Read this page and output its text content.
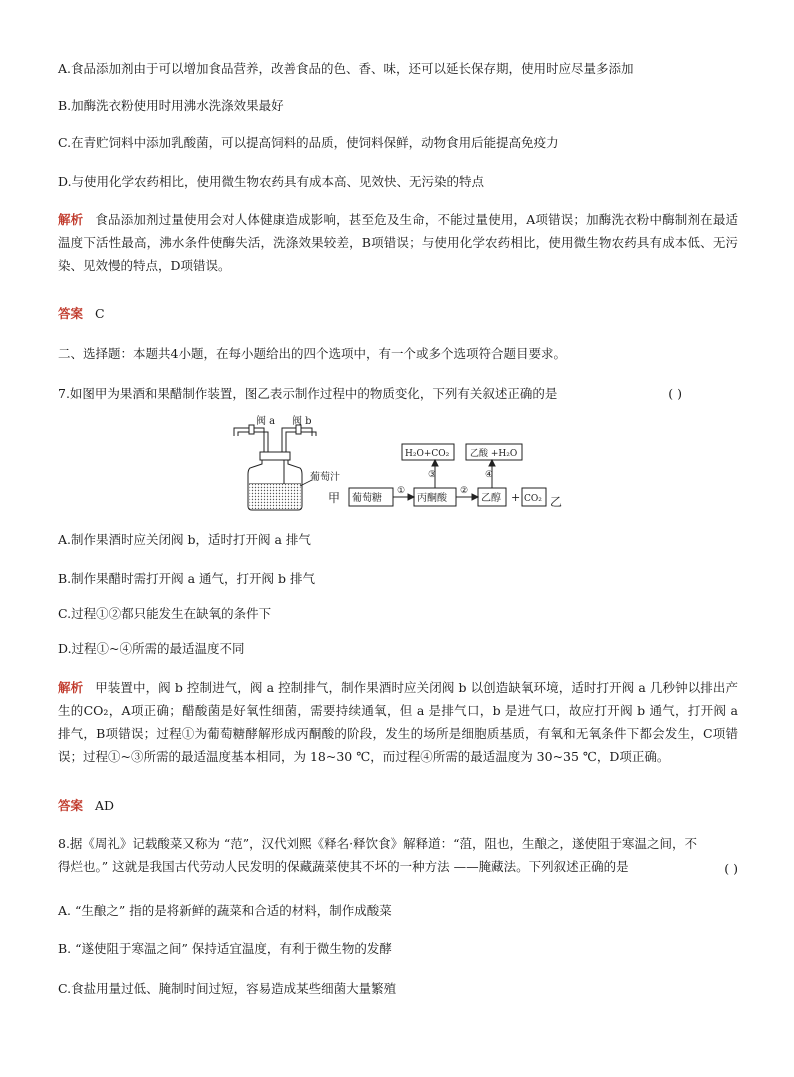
A.食品添加剂由于可以增加食品营养，改善食品的色、香、味，还可以延长保存期，使用时应尽量多添加
B.加酶洗衣粉使用时用沸水洗涤效果最好
C.在青贮饲料中添加乳酸菌，可以提高饲料的品质，使饲料保鲜，动物食用后能提高免疫力
D.与使用化学农药相比，使用微生物农药具有成本高、见效快、无污染的特点
解析 食品添加剂过量使用会对人体健康造成影响，甚至危及生命，不能过量使用，A项错误；加酶洗衣粉中酶制剂在最适温度下活性最高，沸水条件使酶失活，洗涤效果较差，B项错误；与使用化学农药相比，使用微生物农药具有成本低、无污染、见效慢的特点，D项错误。
答案 C
二、选择题：本题共4小题，在每小题给出的四个选项中，有一个或多个选项符合题目要求。
7.如图甲为果酒和果醋制作装置，图乙表示制作过程中的物质变化，下列有关叙述正确的是	( )
阀 a 阀 b
葡萄汁
甲 葡萄糖	丙酮酸	乙醇 + CO₂
H₂O+CO₂ 乙酸 +H₂O
①	②
③	④
乙
A.制作果酒时应关闭阀 b，适时打开阀 a 排气
B.制作果醋时需打开阀 a 通气，打开阀 b 排气
C.过程①②都只能发生在缺氧的条件下
D.过程①~④所需的最适温度不同
解析 甲装置中，阀 b 控制进气，阀 a 控制排气，制作果酒时应关闭阀 b 以创造缺氧环境，适时打开阀 a 几秒钟以排出产生的CO₂，A项正确；醋酸菌是好氧性细菌，需要持续通氧，但 a 是排气口，b 是进气口，故应打开阀 b 通气，打开阀 a 排气，B项错误；过程①为葡萄糖酵解形成丙酮酸的阶段，发生的场所是细胞质基质，有氧和无氧条件下都会发生，C项错误；过程①~③所需的最适温度基本相同，为 18~30 ℃，而过程④所需的最适温度为 30~35 ℃，D项正确。
答案 AD
8.据《周礼》记载酸菜又称为 “范”，汉代刘熙《释名·释饮食》解释道：“菹，阻也，生酿之，遂使阻于寒温之间，不得烂也。” 这就是我国古代劳动人民发明的保藏蔬菜使其不坏的一种方法 ——腌藏法。下列叙述正确的是	( )
A. “生酿之” 指的是将新鲜的蔬菜和合适的材料，制作成酸菜
B. “遂使阻于寒温之间” 保持适宜温度，有利于微生物的发酵
C.食盐用量过低、腌制时间过短，容易造成某些细菌大量繁殖
